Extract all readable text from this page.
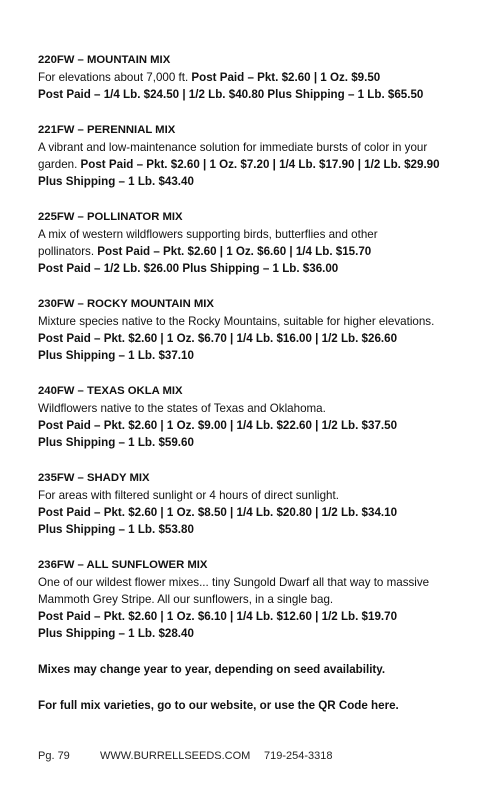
220FW – MOUNTAIN MIX

For elevations about 7,000 ft. Post Paid – Pkt. $2.60 | 1 Oz. $9.50

Post Paid – 1/4 Lb. $24.50 | 1/2 Lb. $40.80 Plus Shipping – 1 Lb. $65.50

221FW – PERENNIAL MIX

A vibrant and low-maintenance solution for immediate bursts of color in your

garden. Post Paid – Pkt. $2.60 | 1 Oz. $7.20 | 1/4 Lb. $17.90 | 1/2 Lb. $29.90

Plus Shipping – 1 Lb. $43.40

225FW – POLLINATOR MIX

A mix of western wildflowers supporting birds, butterflies and other

pollinators. Post Paid – Pkt. $2.60 | 1 Oz. $6.60 | 1/4 Lb. $15.70

Post Paid – 1/2 Lb. $26.00 Plus Shipping – 1 Lb. $36.00

230FW – ROCKY MOUNTAIN MIX

Mixture species native to the Rocky Mountains, suitable for higher elevations.

Post Paid – Pkt. $2.60 | 1 Oz. $6.70 | 1/4 Lb. $16.00 | 1/2 Lb. $26.60

Plus Shipping – 1 Lb. $37.10

240FW – TEXAS OKLA MIX

Wildflowers native to the states of Texas and Oklahoma.

Post Paid – Pkt. $2.60 | 1 Oz. $9.00 | 1/4 Lb. $22.60 | 1/2 Lb. $37.50

Plus Shipping – 1 Lb. $59.60

235FW – SHADY MIX

For areas with filtered sunlight or 4 hours of direct sunlight.

Post Paid – Pkt. $2.60 | 1 Oz. $8.50 | 1/4 Lb. $20.80 | 1/2 Lb. $34.10

Plus Shipping – 1 Lb. $53.80

236FW – ALL SUNFLOWER MIX

One of our wildest flower mixes... tiny Sungold Dwarf all that way to massive

Mammoth Grey Stripe. All our sunflowers, in a single bag.

Post Paid – Pkt. $2.60 | 1 Oz. $6.10 | 1/4 Lb. $12.60 | 1/2 Lb. $19.70

Plus Shipping – 1 Lb. $28.40

Mixes may change year to year, depending on seed availability.

For full mix varieties, go to our website, or use the QR Code here.

Pg. 79	WWW.BURRELLSEEDS.COM 719-254-3318
